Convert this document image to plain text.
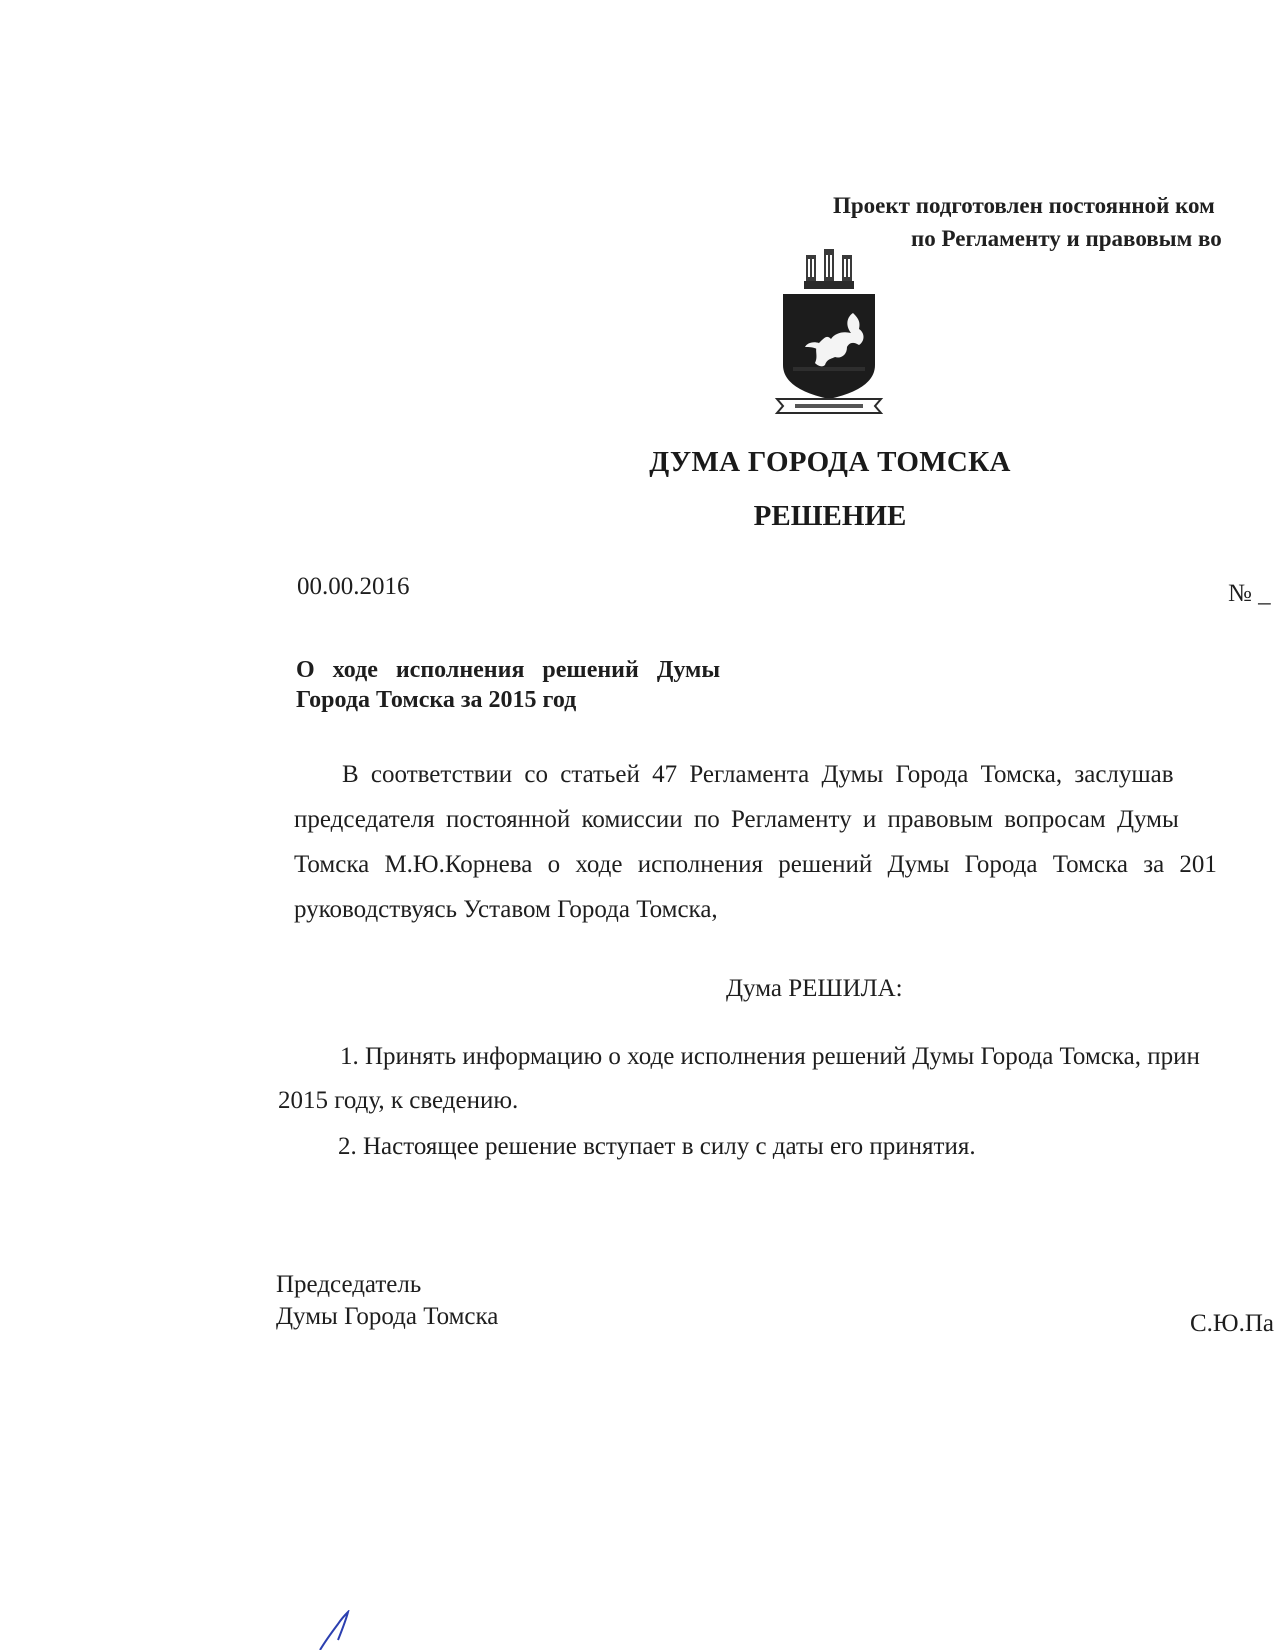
Проект подготовлен постоянной ком
по Регламенту и правовым во
ДУМА ГОРОДА ТОМСКА
РЕШЕНИЕ
00.00.2016	№ _
О ходе исполнения решений Думы
Города Томска за 2015 год
В соответствии со статьей 47 Регламента Думы Города Томска, заслушав
председателя постоянной комиссии по Регламенту и правовым вопросам Думы
Томска М.Ю.Корнева о ходе исполнения решений Думы Города Томска за 201
руководствуясь Уставом Города Томска,
Дума РЕШИЛА:
1. Принять информацию о ходе исполнения решений Думы Города Томска, прин
2015 году, к сведению.
2. Настоящее решение вступает в силу с даты его принятия.
Председатель
Думы Города Томска	С.Ю.Па
